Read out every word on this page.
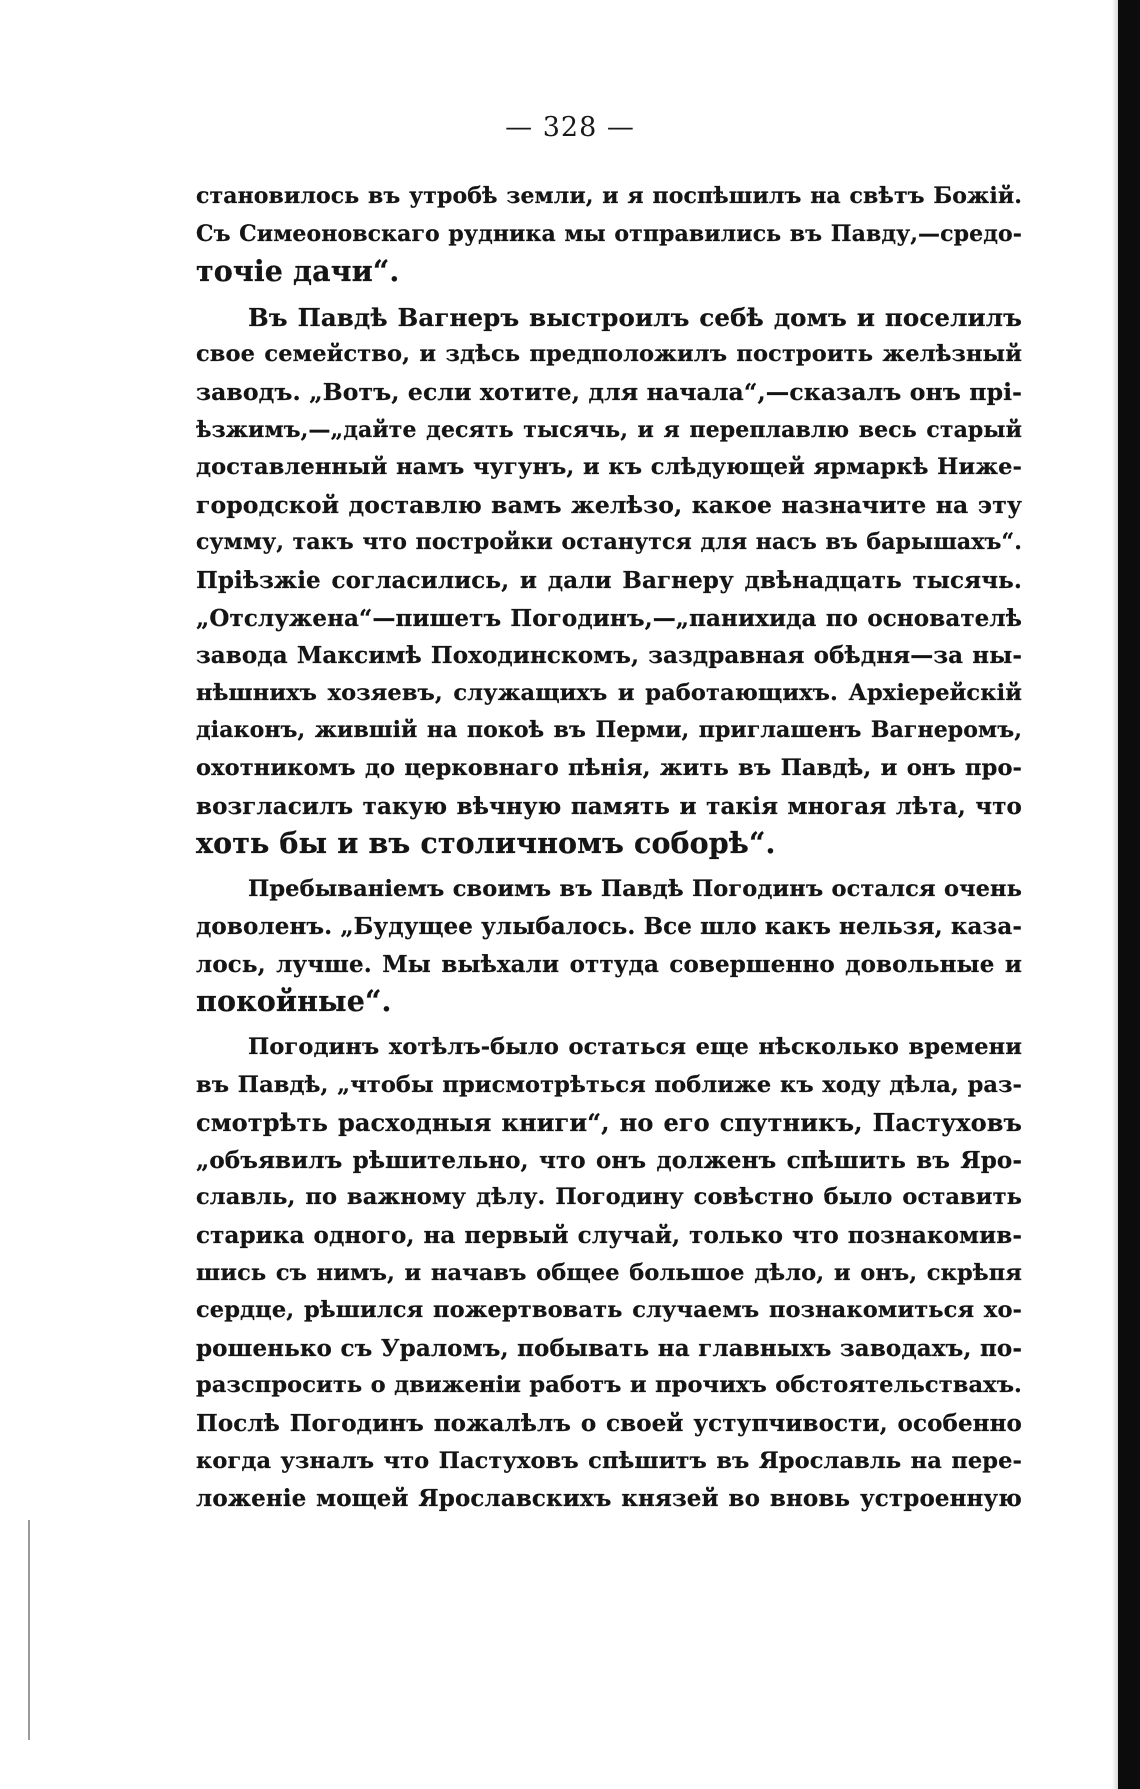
— 328 —
становилось въ утробѣ земли, и я поспѣшилъ на свѣтъ Божій.
Съ Симеоновскаго рудника мы отправились въ Павду,—средо-
точіе дачи“.
Въ Павдѣ Вагнеръ выстроилъ себѣ домъ и поселилъ
свое семейство, и здѣсь предположилъ построить желѣзный
заводъ. „Вотъ, если хотите, для начала“,—сказалъ онъ прі-
ѣзжимъ,—„дайте десять тысячь, и я переплавлю весь старый
доставленный намъ чугунъ, и къ слѣдующей ярмаркѣ Ниже-
городской доставлю вамъ желѣзо, какое назначите на эту
сумму, такъ что постройки останутся для насъ въ барышахъ“.
Пріѣзжіе согласились, и дали Вагнеру двѣнадцать тысячь.
„Отслужена“—пишетъ Погодинъ,—„панихида по основателѣ
завода Максимѣ Походинскомъ, заздравная обѣдня—за ны-
нѣшнихъ хозяевъ, служащихъ и работающихъ. Архіерейскій
діаконъ, жившій на покоѣ въ Перми, приглашенъ Вагнеромъ,
охотникомъ до церковнаго пѣнія, жить въ Павдѣ, и онъ про-
возгласилъ такую вѣчную память и такія многая лѣта, что
хоть бы и въ столичномъ соборѣ“.
Пребываніемъ своимъ въ Павдѣ Погодинъ остался очень
доволенъ. „Будущее улыбалось. Все шло какъ нельзя, каза-
лось, лучше. Мы выѣхали оттуда совершенно довольные и
покойные“.
Погодинъ хотѣлъ-было остаться еще нѣсколько времени
въ Павдѣ, „чтобы присмотрѣться поближе къ ходу дѣла, раз-
смотрѣть расходныя книги“, но его спутникъ, Пастуховъ
„объявилъ рѣшительно, что онъ долженъ спѣшить въ Яро-
славль, по важному дѣлу. Погодину совѣстно было оставить
старика одного, на первый случай, только что познакомив-
шись съ нимъ, и начавъ общее большое дѣло, и онъ, скрѣпя
сердце, рѣшился пожертвовать случаемъ познакомиться хо-
рошенько съ Ураломъ, побывать на главныхъ заводахъ, по-
разспросить о движеніи работъ и прочихъ обстоятельствахъ.
Послѣ Погодинъ пожалѣлъ о своей уступчивости, особенно
когда узналъ что Пастуховъ спѣшитъ въ Ярославль на пере-
ложеніе мощей Ярославскихъ князей во вновь устроенную
